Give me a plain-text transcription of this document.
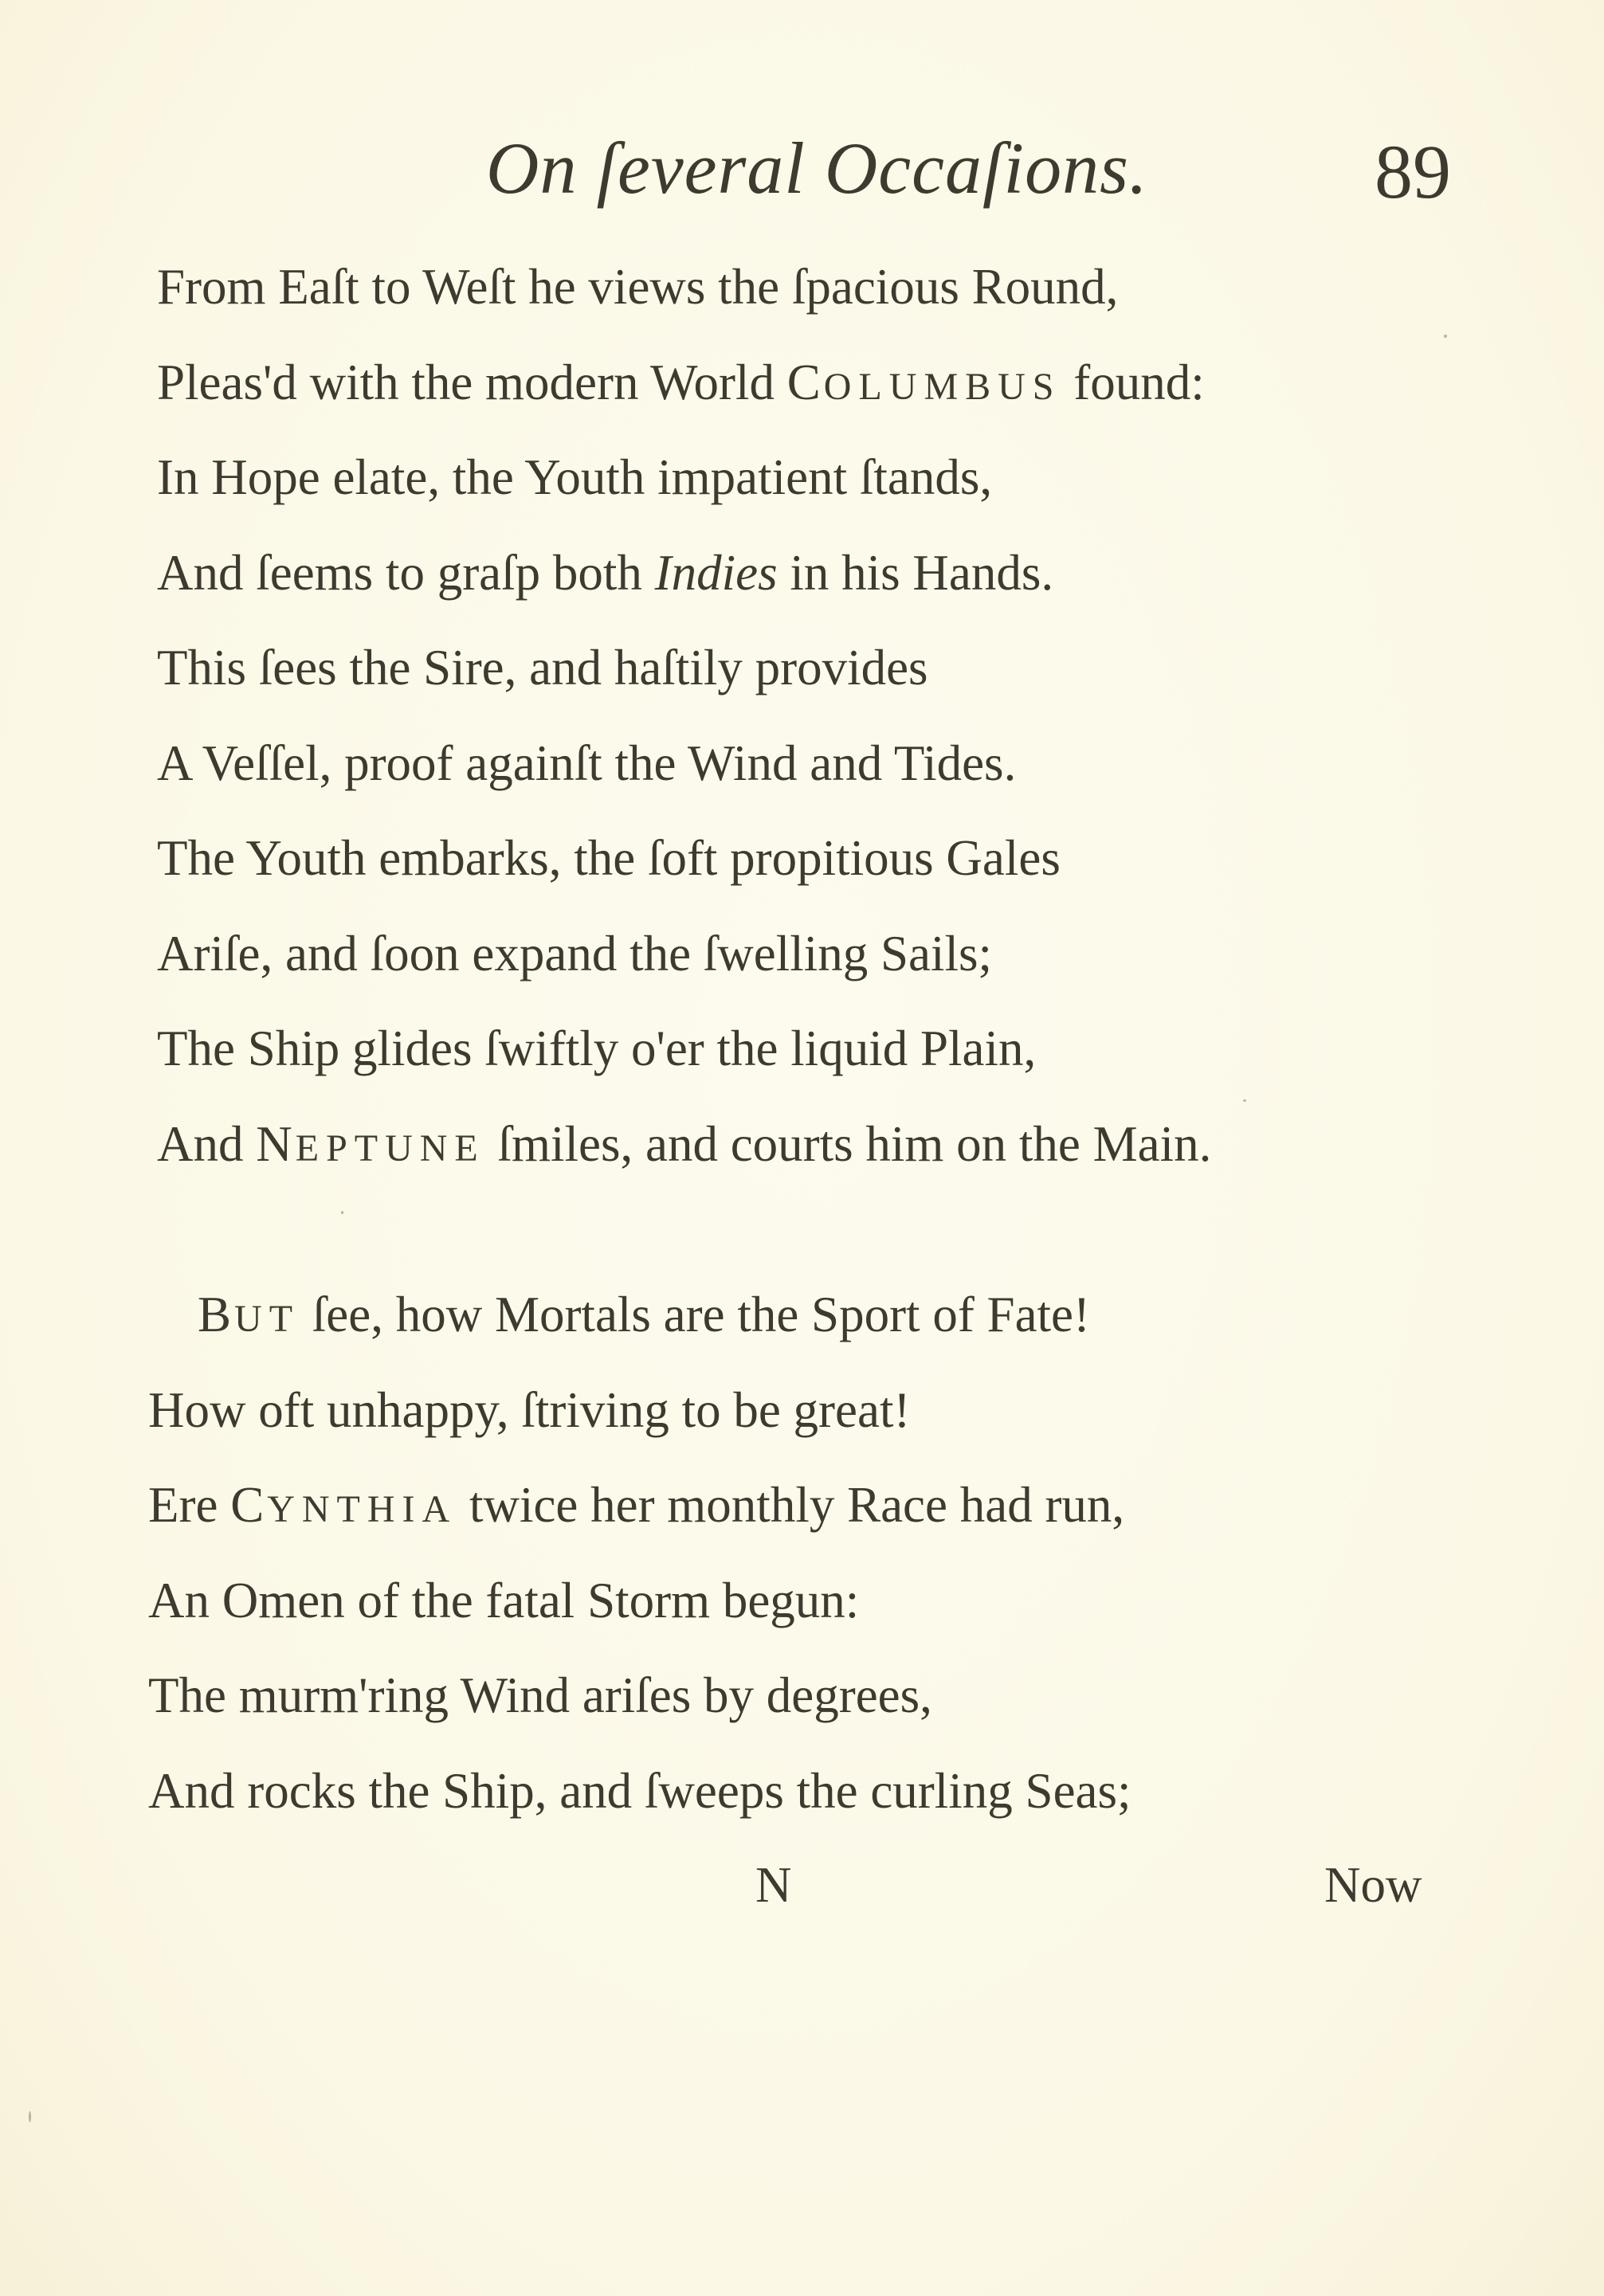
On ſeveral Occaſions.	89
From Eaſt to Weſt he views the ſpacious Round,
Pleas'd with the modern World COLUMBUS found:
In Hope elate, the Youth impatient ſtands,
And ſeems to graſp both Indies in his Hands.
This ſees the Sire, and haſtily provides
A Veſſel, proof againſt the Wind and Tides.
The Youth embarks, the ſoft propitious Gales
Ariſe, and ſoon expand the ſwelling Sails;
The Ship glides ſwiftly o'er the liquid Plain,
And NEPTUNE ſmiles, and courts him on the Main.
BUT ſee, how Mortals are the Sport of Fate!
How oft unhappy, ſtriving to be great!
Ere CYNTHIA twice her monthly Race had run,
An Omen of the fatal Storm begun:
The murm'ring Wind ariſes by degrees,
And rocks the Ship, and ſweeps the curling Seas;
N	Now
